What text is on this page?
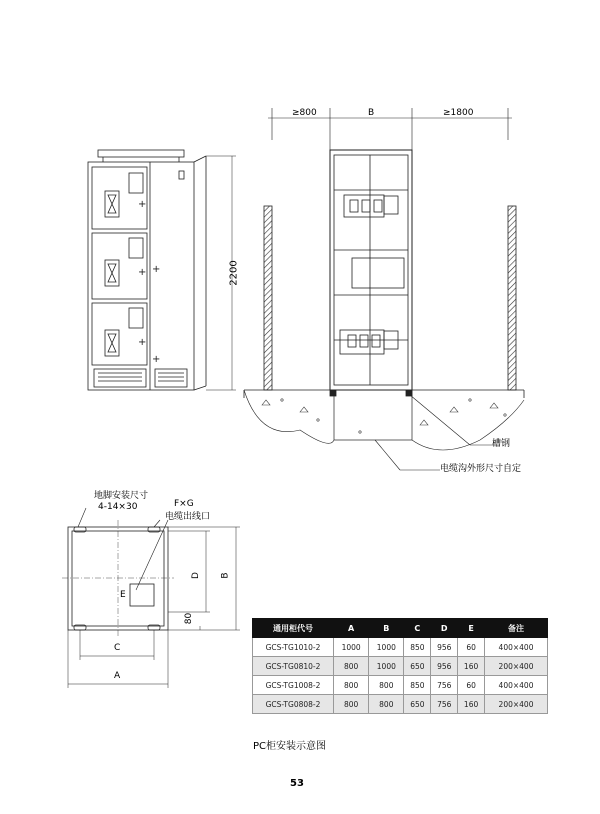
+
+
+
+
+
2200
≥800	B	≥1800
槽钢
电缆沟外形尺寸自定
地脚安装尺寸
4-14×30	F×G
电缆出线口
E
C
A
D B
80
通用柜代号	A	B	C	D	E	备注
GCS-TG1010-2	1000	1000	850	956	60	400×400
GCS-TG0810-2	800	1000	650	956	160	200×400
GCS-TG1008-2	800	800	850	756	60	400×400
GCS-TG0808-2	800	800	650	756	160	200×400
PC柜安装示意图
53
